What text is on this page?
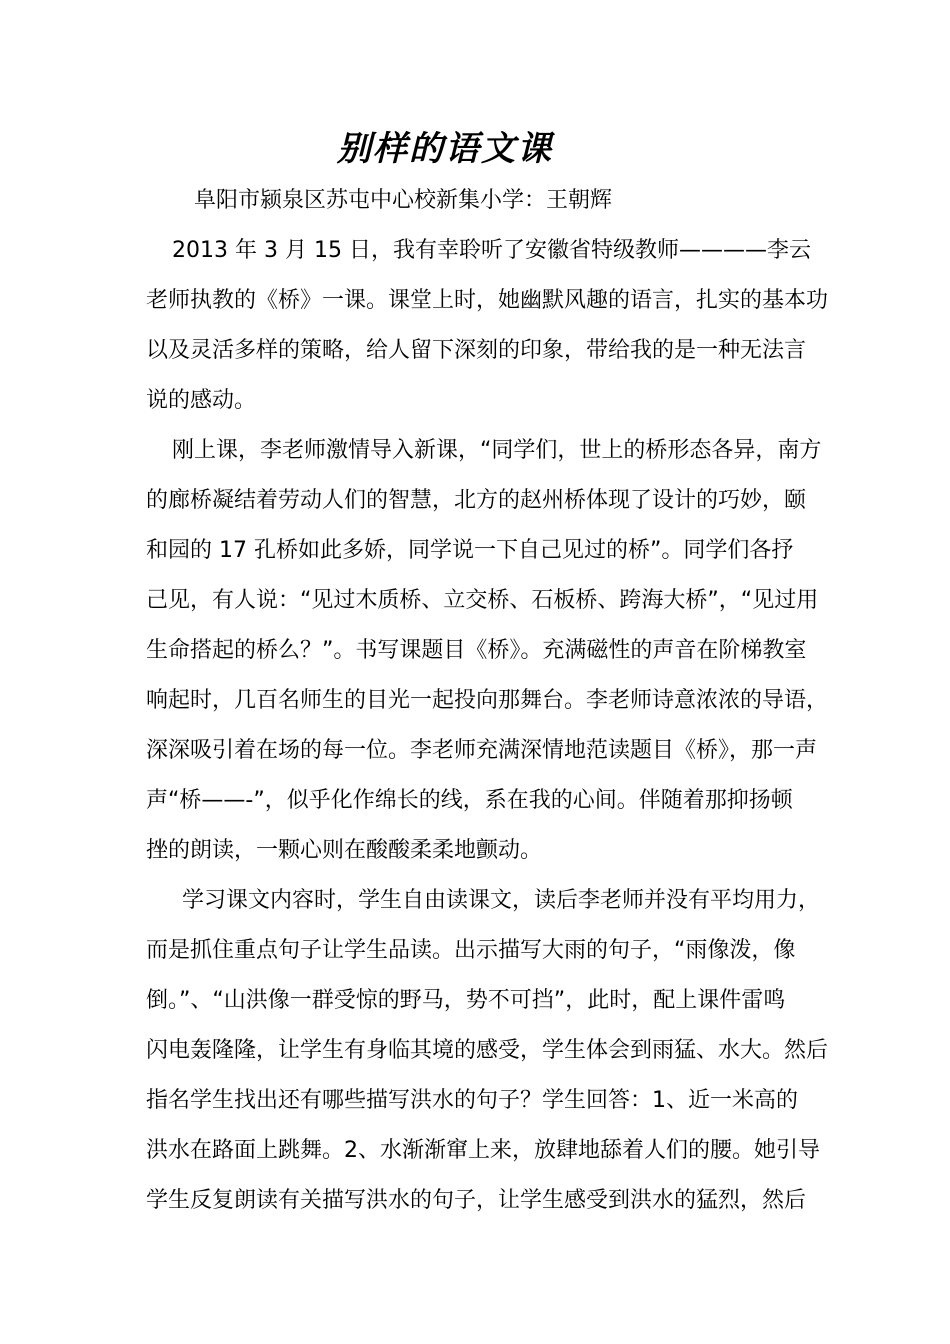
别样的语文课
阜阳市颍泉区苏屯中心校新集小学：王朝辉
2013 年 3 月 15 日，我有幸聆听了安徽省特级教师————李云
老师执教的《桥》一课。课堂上时，她幽默风趣的语言，扎实的基本功
以及灵活多样的策略，给人留下深刻的印象，带给我的是一种无法言
说的感动。
刚上课，李老师激情导入新课，“同学们，世上的桥形态各异，南方
的廊桥凝结着劳动人们的智慧，北方的赵州桥体现了设计的巧妙，颐
和园的 17 孔桥如此多娇，同学说一下自己见过的桥”。同学们各抒
己见，有人说：“见过木质桥、立交桥、石板桥、跨海大桥”，“见过用
生命搭起的桥么？”。书写课题目《桥》。充满磁性的声音在阶梯教室
响起时，几百名师生的目光一起投向那舞台。李老师诗意浓浓的导语，
深深吸引着在场的每一位。李老师充满深情地范读题目《桥》，那一声
声“桥——-”，似乎化作绵长的线，系在我的心间。伴随着那抑扬顿
挫的朗读，一颗心则在酸酸柔柔地颤动。
学习课文内容时，学生自由读课文，读后李老师并没有平均用力，
而是抓住重点句子让学生品读。出示描写大雨的句子，“雨像泼，像
倒。”、“山洪像一群受惊的野马，势不可挡”，此时，配上课件雷鸣
闪电轰隆隆，让学生有身临其境的感受，学生体会到雨猛、水大。然后
指名学生找出还有哪些描写洪水的句子？学生回答：1、近一米高的
洪水在路面上跳舞。2、水渐渐窜上来，放肆地舔着人们的腰。她引导
学生反复朗读有关描写洪水的句子，让学生感受到洪水的猛烈，然后
